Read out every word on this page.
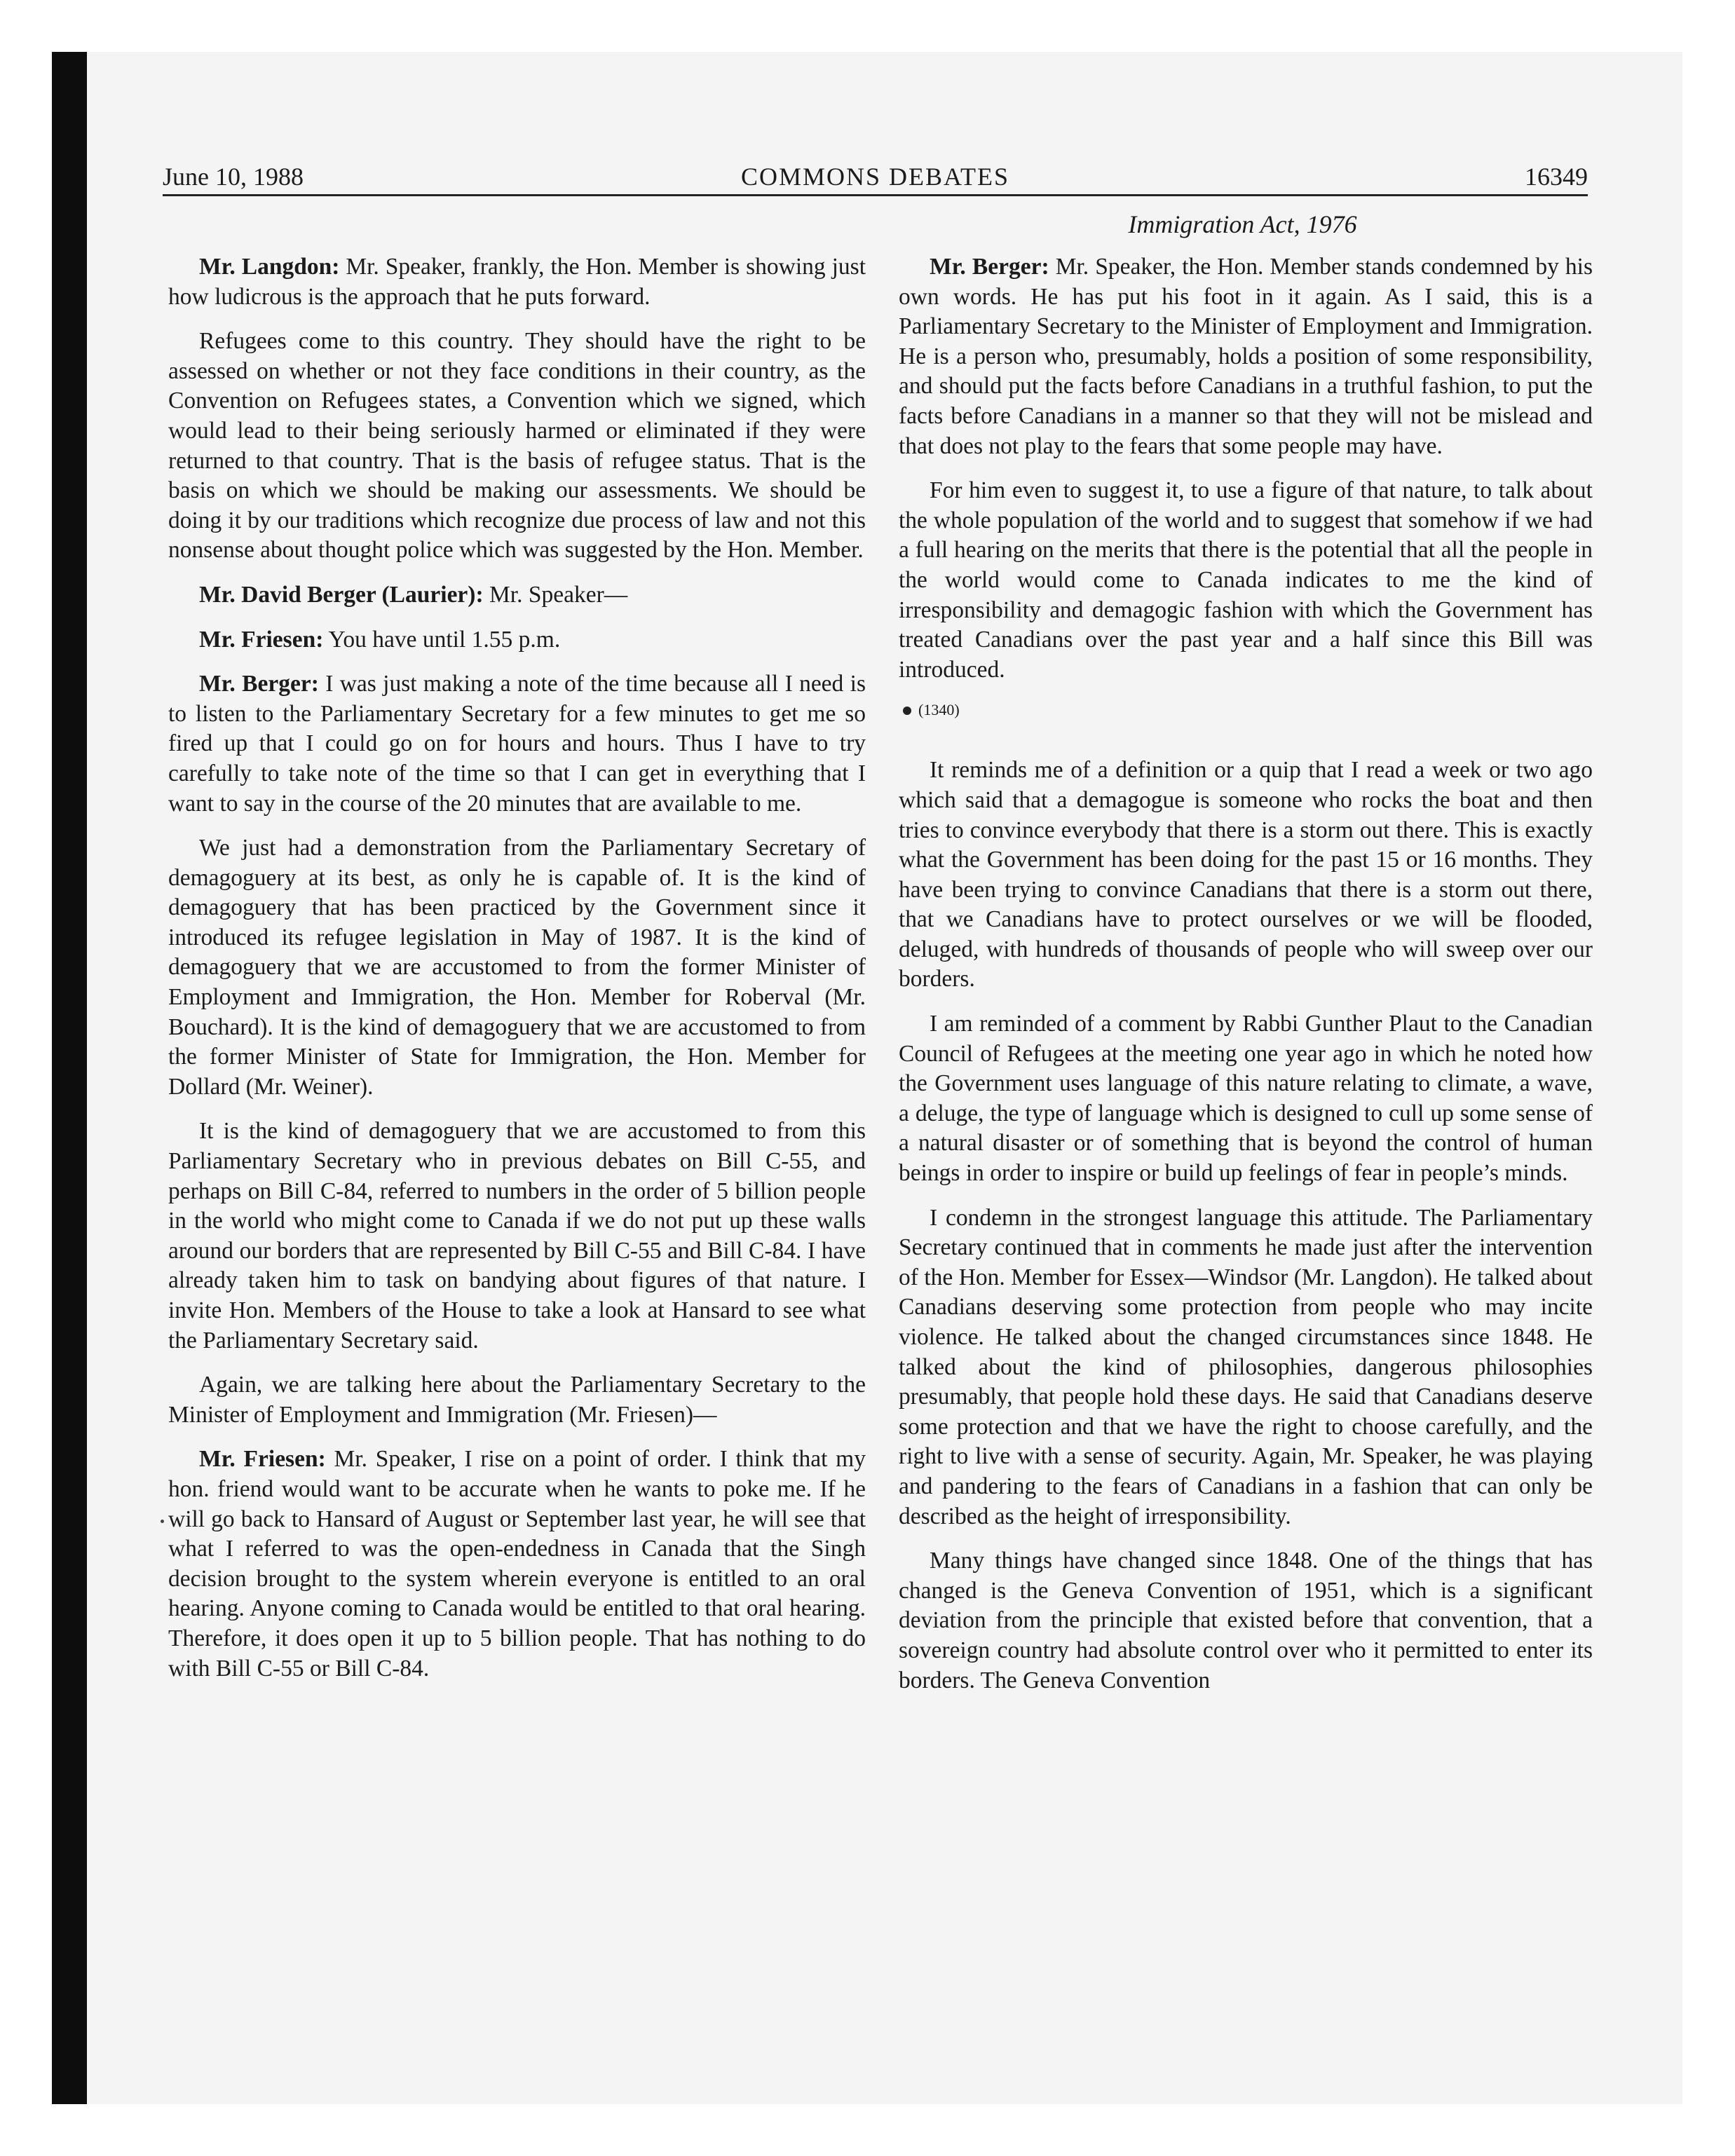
June 10, 1988	COMMONS DEBATES	16349
Immigration Act, 1976

Mr. Langdon: Mr. Speaker, frankly, the Hon. Member is showing just how ludicrous is the approach that he puts forward.

Refugees come to this country. They should have the right to be assessed on whether or not they face conditions in their country, as the Convention on Refugees states, a Convention which we signed, which would lead to their being seriously harmed or eliminated if they were returned to that country. That is the basis of refugee status. That is the basis on which we should be making our assessments. We should be doing it by our traditions which recognize due process of law and not this nonsense about thought police which was suggested by the Hon. Member.

Mr. David Berger (Laurier): Mr. Speaker—

Mr. Friesen: You have until 1.55 p.m.

Mr. Berger: I was just making a note of the time because all I need is to listen to the Parliamentary Secretary for a few minutes to get me so fired up that I could go on for hours and hours. Thus I have to try carefully to take note of the time so that I can get in everything that I want to say in the course of the 20 minutes that are available to me.

We just had a demonstration from the Parliamentary Secretary of demagoguery at its best, as only he is capable of. It is the kind of demagoguery that has been practiced by the Government since it introduced its refugee legislation in May of 1987. It is the kind of demagoguery that we are accustomed to from the former Minister of Employment and Immigration, the Hon. Member for Roberval (Mr. Bouchard). It is the kind of demagoguery that we are accustomed to from the former Minister of State for Immigration, the Hon. Member for Dollard (Mr. Weiner).

It is the kind of demagoguery that we are accustomed to from this Parliamentary Secretary who in previous debates on Bill C-55, and perhaps on Bill C-84, referred to numbers in the order of 5 billion people in the world who might come to Canada if we do not put up these walls around our borders that are represented by Bill C-55 and Bill C-84. I have already taken him to task on bandying about figures of that nature. I invite Hon. Members of the House to take a look at Hansard to see what the Parliamentary Secretary said.

Again, we are talking here about the Parliamentary Secretary to the Minister of Employment and Immigration (Mr. Friesen)—

Mr. Friesen: Mr. Speaker, I rise on a point of order. I think that my hon. friend would want to be accurate when he wants to poke me. If he will go back to Hansard of August or September last year, he will see that what I referred to was the open-endedness in Canada that the Singh decision brought to the system wherein everyone is entitled to an oral hearing. Anyone coming to Canada would be entitled to that oral hearing. Therefore, it does open it up to 5 billion people. That has nothing to do with Bill C-55 or Bill C-84.

Mr. Berger: Mr. Speaker, the Hon. Member stands condemned by his own words. He has put his foot in it again. As I said, this is a Parliamentary Secretary to the Minister of Employment and Immigration. He is a person who, presumably, holds a position of some responsibility, and should put the facts before Canadians in a truthful fashion, to put the facts before Canadians in a manner so that they will not be mislead and that does not play to the fears that some people may have.

For him even to suggest it, to use a figure of that nature, to talk about the whole population of the world and to suggest that somehow if we had a full hearing on the merits that there is the potential that all the people in the world would come to Canada indicates to me the kind of irresponsibility and demagogic fashion with which the Government has treated Canadians over the past year and a half since this Bill was introduced.

(1340)

It reminds me of a definition or a quip that I read a week or two ago which said that a demagogue is someone who rocks the boat and then tries to convince everybody that there is a storm out there. This is exactly what the Government has been doing for the past 15 or 16 months. They have been trying to convince Canadians that there is a storm out there, that we Canadians have to protect ourselves or we will be flooded, deluged, with hundreds of thousands of people who will sweep over our borders.

I am reminded of a comment by Rabbi Gunther Plaut to the Canadian Council of Refugees at the meeting one year ago in which he noted how the Government uses language of this nature relating to climate, a wave, a deluge, the type of language which is designed to cull up some sense of a natural disaster or of something that is beyond the control of human beings in order to inspire or build up feelings of fear in people’s minds.

I condemn in the strongest language this attitude. The Parliamentary Secretary continued that in comments he made just after the intervention of the Hon. Member for Essex—Windsor (Mr. Langdon). He talked about Canadians deserving some protection from people who may incite violence. He talked about the changed circumstances since 1848. He talked about the kind of philosophies, dangerous philosophies presumably, that people hold these days. He said that Canadians deserve some protection and that we have the right to choose carefully, and the right to live with a sense of security. Again, Mr. Speaker, he was playing and pandering to the fears of Canadians in a fashion that can only be described as the height of irresponsibility.

Many things have changed since 1848. One of the things that has changed is the Geneva Convention of 1951, which is a significant deviation from the principle that existed before that convention, that a sovereign country had absolute control over who it permitted to enter its borders. The Geneva Convention
